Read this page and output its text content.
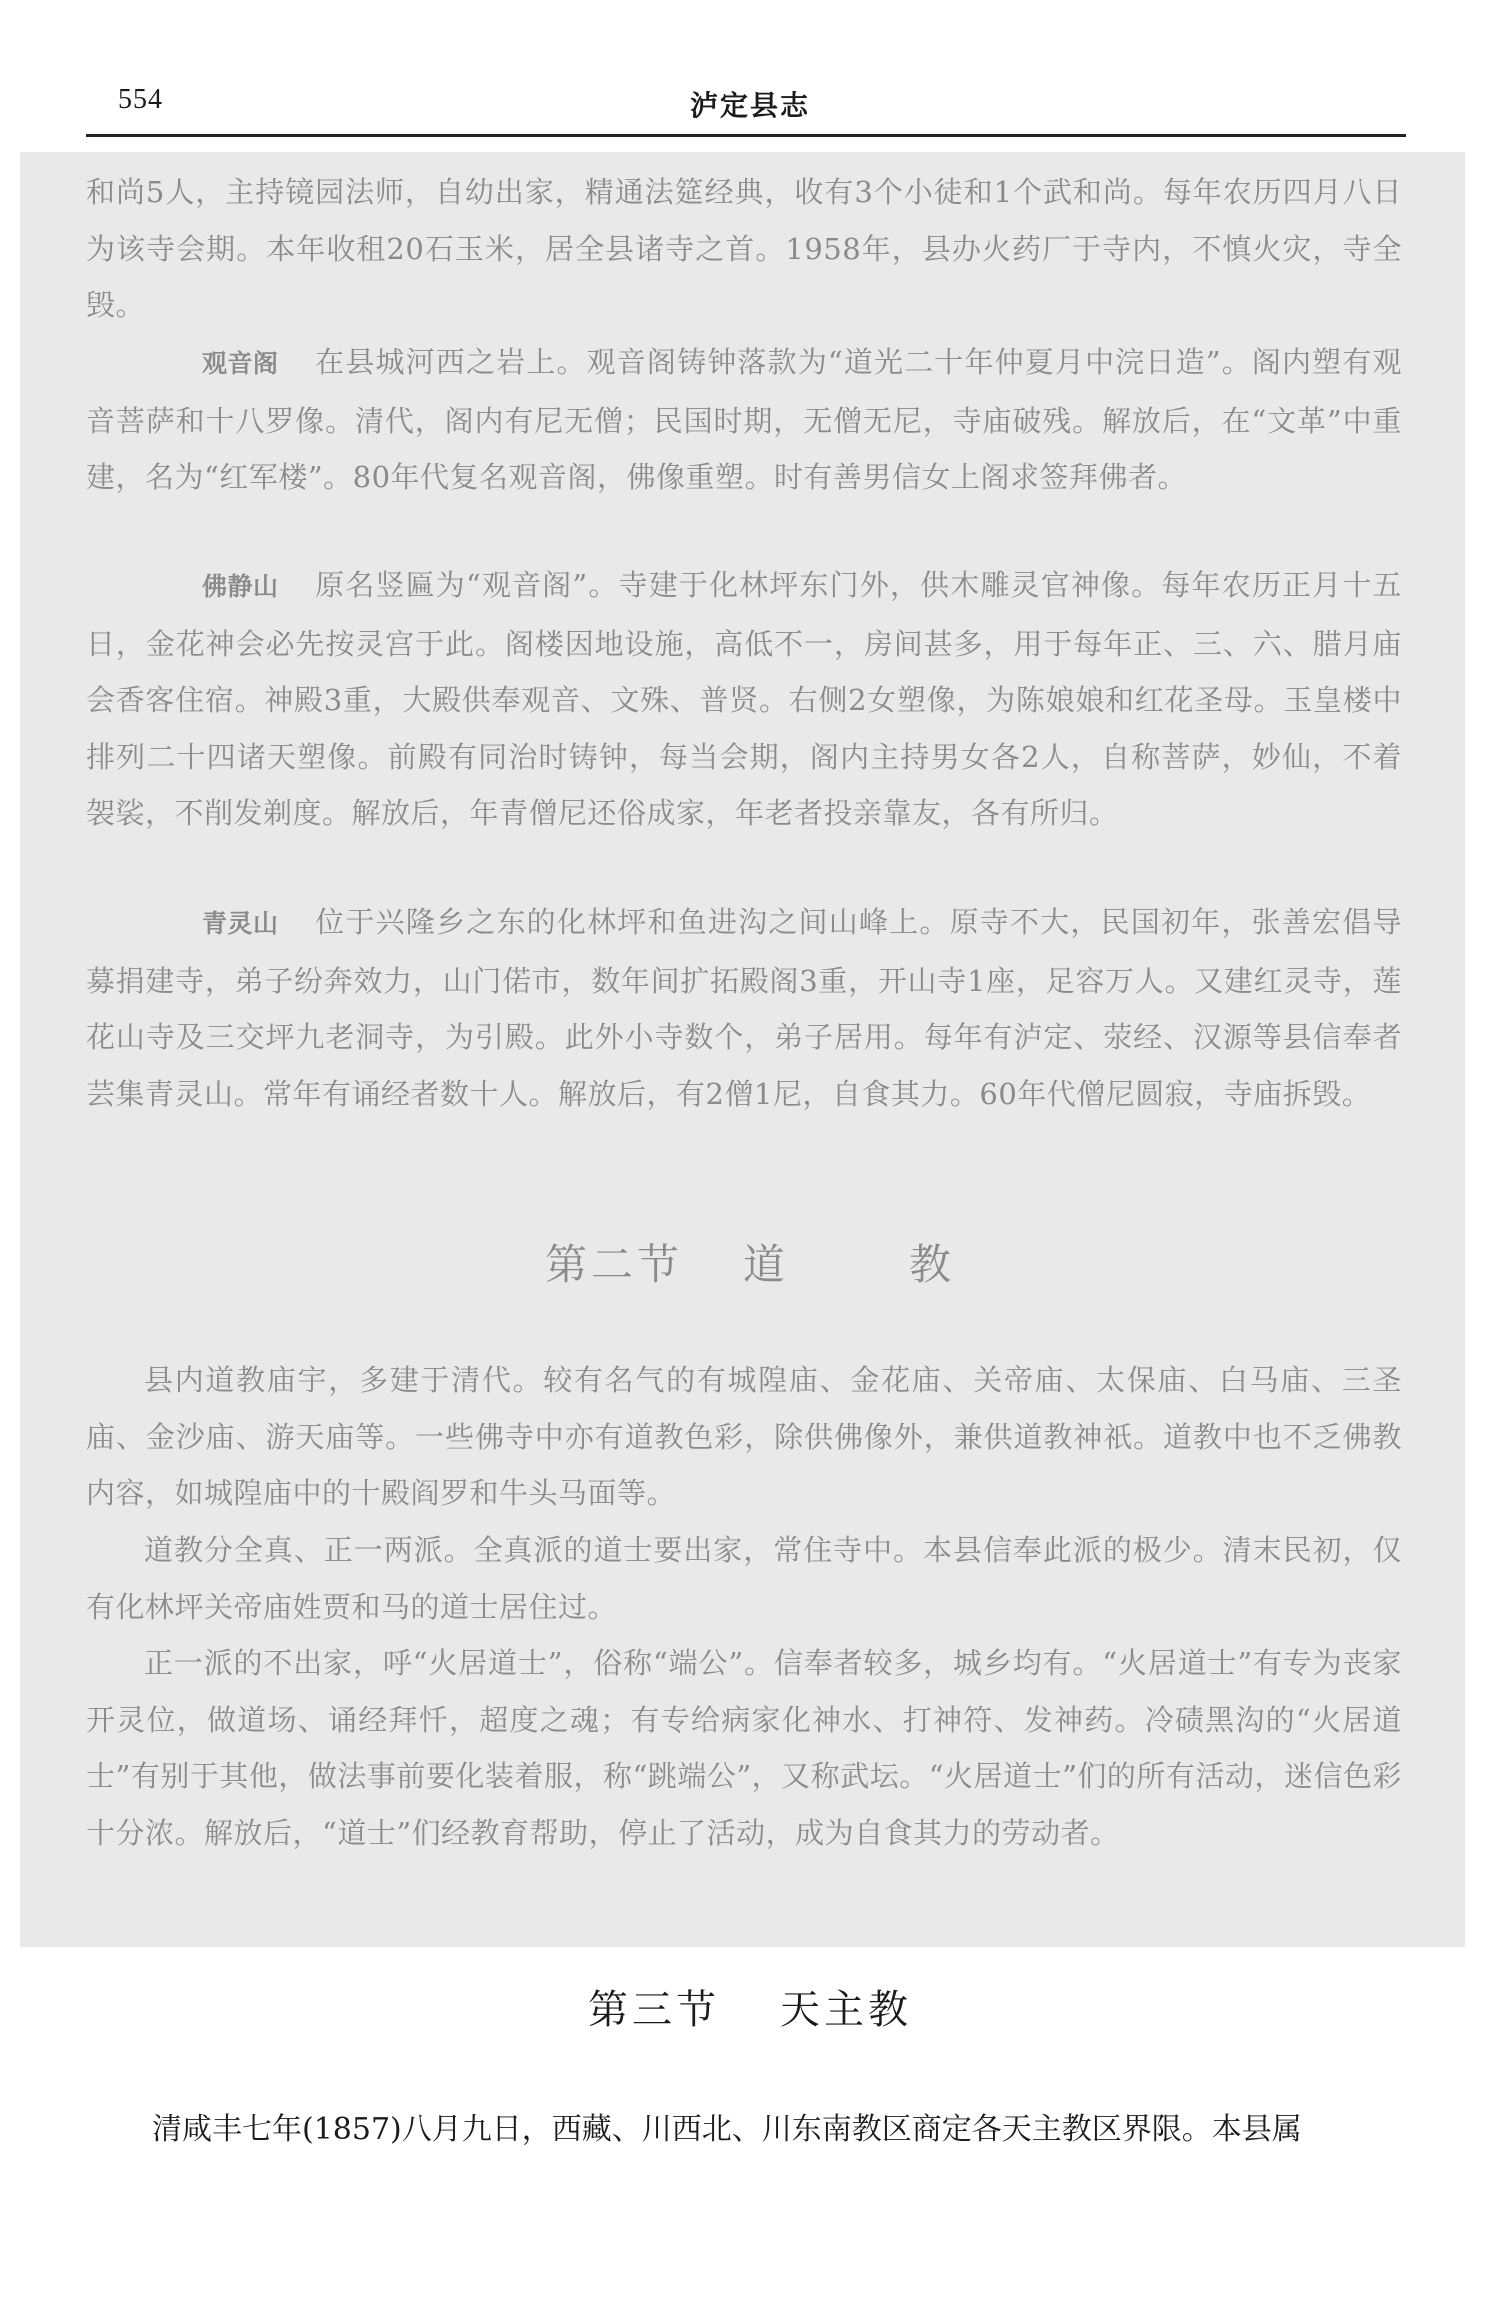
554	泸定县志

和尚5人，主持镜园法师，自幼出家，精通法筵经典，收有3个小徒和1个武和尚。每年农历四月八日为该寺会期。本年收租20石玉米，居全县诸寺之首。1958年，县办火药厂于寺内，不慎火灾，寺全毁。

观音阁 在县城河西之岩上。观音阁铸钟落款为“道光二十年仲夏月中浣日造”。阁内塑有观音菩萨和十八罗像。清代，阁内有尼无僧；民国时期，无僧无尼，寺庙破残。解放后，在“文革”中重建，名为“红军楼”。80年代复名观音阁，佛像重塑。时有善男信女上阁求签拜佛者。

佛静山 原名竖匾为“观音阁”。寺建于化林坪东门外，供木雕灵官神像。每年农历正月十五日，金花神会必先按灵宫于此。阁楼因地设施，高低不一，房间甚多，用于每年正、三、六、腊月庙会香客住宿。神殿3重，大殿供奉观音、文殊、普贤。右侧2女塑像，为陈娘娘和红花圣母。玉皇楼中排列二十四诸天塑像。前殿有同治时铸钟，每当会期，阁内主持男女各2人，自称菩萨，妙仙，不着袈裟，不削发剃度。解放后，年青僧尼还俗成家，年老者投亲靠友，各有所归。

青灵山 位于兴隆乡之东的化林坪和鱼进沟之间山峰上。原寺不大，民国初年，张善宏倡导募捐建寺，弟子纷奔效力，山门偌市，数年间扩拓殿阁3重，开山寺1座，足容万人。又建红灵寺，莲花山寺及三交坪九老洞寺，为引殿。此外小寺数个，弟子居用。每年有泸定、荥经、汉源等县信奉者芸集青灵山。常年有诵经者数十人。解放后，有2僧1尼，自食其力。60年代僧尼圆寂，寺庙拆毁。

第二节 道	教

县内道教庙宇，多建于清代。较有名气的有城隍庙、金花庙、关帝庙、太保庙、白马庙、三圣庙、金沙庙、游天庙等。一些佛寺中亦有道教色彩，除供佛像外，兼供道教神祇。道教中也不乏佛教内容，如城隍庙中的十殿阎罗和牛头马面等。

道教分全真、正一两派。全真派的道士要出家，常住寺中。本县信奉此派的极少。清末民初，仅有化林坪关帝庙姓贾和马的道士居住过。

正一派的不出家，呼“火居道士”，俗称“端公”。信奉者较多，城乡均有。“火居道士”有专为丧家开灵位，做道场、诵经拜忏，超度之魂；有专给病家化神水、打神符、发神药。冷碛黑沟的“火居道士”有别于其他，做法事前要化装着服，称“跳端公”，又称武坛。“火居道士”们的所有活动，迷信色彩十分浓。解放后，“道士”们经教育帮助，停止了活动，成为自食其力的劳动者。

第三节 天主教

清咸丰七年(1857)八月九日，西藏、川西北、川东南教区商定各天主教区界限。本县属
